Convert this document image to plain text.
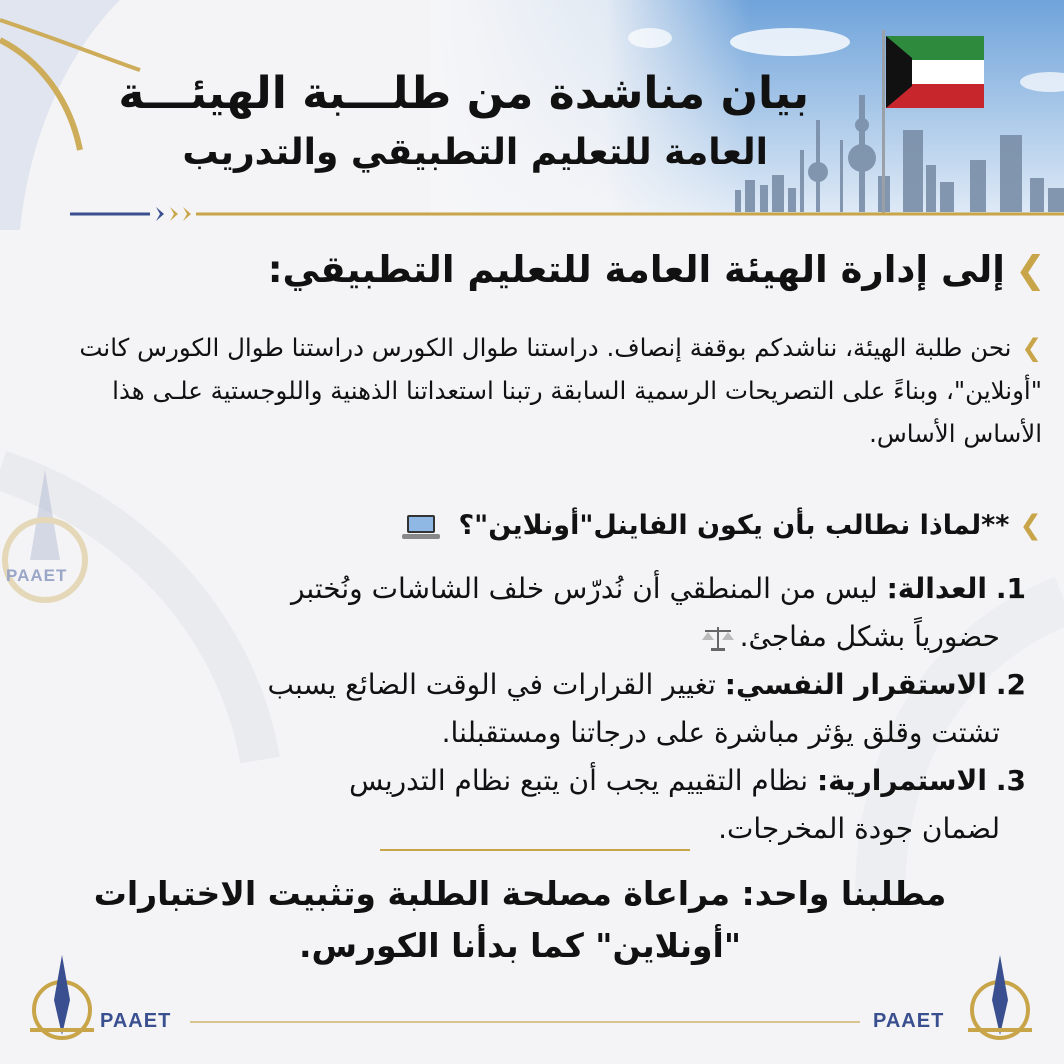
بيان مناشدة من طلـــبة الهيئـــة
العامة للتعليم التطبيقي والتدريب
❯إلى إدارة الهيئة العامة للتعليم التطبيقي:
❯نحن طلبة الهيئة، نناشدكم بوقفة إنصاف. دراستنا طوال الكورس دراستنا طوال الكورس كانت "أونلاين"، وبناءً على التصريحات الرسمية السابقة رتبنا استعداتنا الذهنية واللوجستية علـى هذا الأساس الأساس.
❯**لماذا نطالب بأن يكون الفاينل"أونلاين"؟
1. العدالة: ليس من المنطقي أن نُدرّس خلف الشاشات ونُختبر
حضورياً بشكل مفاجئ.
2. الاستقرار النفسي: تغيير القرارات في الوقت الضائع يسبب
تشتت وقلق يؤثر مباشرة على درجاتنا ومستقبلنا.
3. الاستمرارية: نظام التقييم يجب أن يتبع نظام التدريس
لضمان جودة المخرجات.
مطلبنا واحد: مراعاة مصلحة الطلبة وتثبيت الاختبارات
"أونلاين" كما بدأنا الكورس.
PAAET	PAAET
PAAET
